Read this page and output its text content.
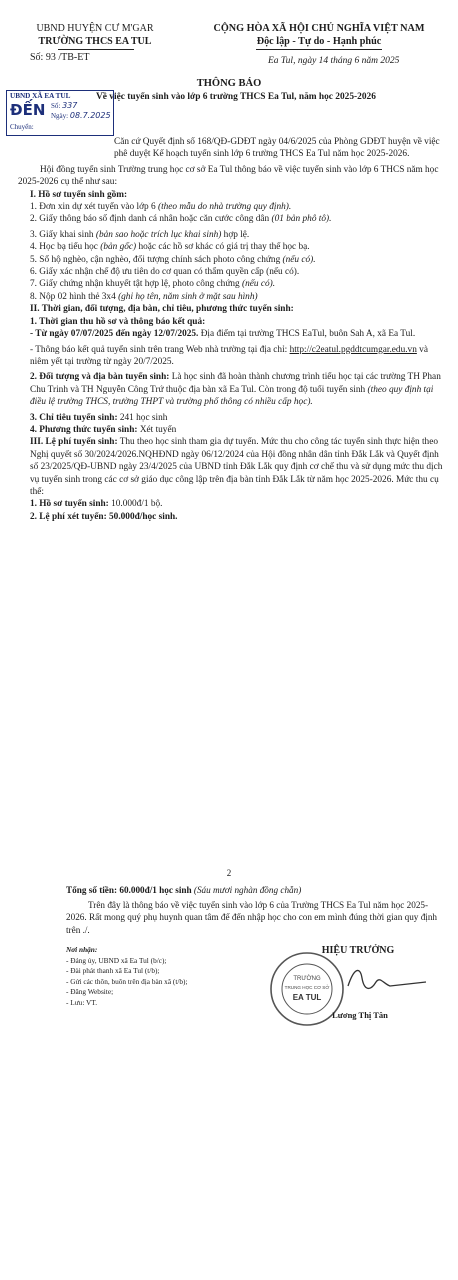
UBND HUYỆN CƯ M'GAR
TRƯỜNG THCS EA TUL
Số: 93 /TB-ET
CỘNG HÒA XÃ HỘI CHỦ NGHĨA VIỆT NAM
Độc lập - Tự do - Hạnh phúc
Ea Tul, ngày 14 tháng 6 năm 2025
THÔNG BÁO
Về việc tuyển sinh vào lớp 6 trường THCS Ea Tul, năm học 2025-2026
UBND XÃ EA TUL
ĐẾN Số: 337
Ngày: 08.7.2025
Chuyển:

Căn cứ Quyết định số 168/QĐ-GDĐT ngày 04/6/2025 của Phòng GDĐT huyện về việc phê duyệt Kế hoạch tuyển sinh lớp 6 trường THCS Ea Tul năm học 2025-2026.

Hội đồng tuyển sinh Trường trung học cơ sở Ea Tul thông báo về việc tuyển sinh vào lớp 6 THCS năm học 2025-2026 cụ thể như sau:

I. Hồ sơ tuyển sinh gồm:

1. Đơn xin dự xét tuyển vào lớp 6 (theo mẫu do nhà trường quy định).

2. Giấy thông báo số định danh cá nhân hoặc căn cước công dân (01 bản phô tô).

3. Giấy khai sinh (bản sao hoặc trích lục khai sinh) hợp lệ.

4. Học bạ tiểu học (bản gốc) hoặc các hồ sơ khác có giá trị thay thế học bạ.

5. Sổ hộ nghèo, cận nghèo, đối tượng chính sách photo công chứng (nếu có).

6. Giấy xác nhận chế độ ưu tiên do cơ quan có thẩm quyền cấp (nếu có).

7. Giấy chứng nhận khuyết tật hợp lệ, photo công chứng (nếu có).

8. Nộp 02 hình thẻ 3x4 (ghi họ tên, năm sinh ở mặt sau hình)

II. Thời gian, đối tượng, địa bàn, chỉ tiêu, phương thức tuyển sinh:

1. Thời gian thu hồ sơ và thông báo kết quả:

- Từ ngày 07/07/2025 đến ngày 12/07/2025. Địa điểm tại trường THCS EaTul, buôn Sah A, xã Ea Tul.

- Thông báo kết quả tuyển sinh trên trang Web nhà trường tại địa chỉ: http://c2eatul.pgddtcumgar.edu.vn và niêm yết tại trường từ ngày 20/7/2025.

2. Đối tượng và địa bàn tuyển sinh: Là học sinh đã hoàn thành chương trình tiểu học tại các trường TH Phan Chu Trinh và TH Nguyễn Công Trứ thuộc địa bàn xã Ea Tul. Còn trong độ tuổi tuyển sinh (theo quy định tại điều lệ trường THCS, trường THPT và trường phổ thông có nhiều cấp học).

3. Chỉ tiêu tuyển sinh: 241 học sinh

4. Phương thức tuyển sinh: Xét tuyển

III. Lệ phí tuyển sinh: Thu theo học sinh tham gia dự tuyển. Mức thu cho công tác tuyển sinh thực hiện theo Nghị quyết số 30/2024/2026.NQHĐND ngày 06/12/2024 của Hội đồng nhân dân tỉnh Đắk Lắk và Quyết định số 23/2025/QĐ-UBND ngày 23/4/2025 của UBND tỉnh Đắk Lắk quy định cơ chế thu và sử dụng mức thu dịch vụ tuyển sinh trong các cơ sở giáo dục công lập trên địa bàn tỉnh Đắk Lắk từ năm học 2025-2026. Mức thu cụ thể:

1. Hồ sơ tuyển sinh: 10.000đ/1 bộ.

2. Lệ phí xét tuyển: 50.000đ/học sinh.

2

Tổng số tiền: 60.000đ/1 học sinh (Sáu mươi nghàn đồng chẵn)

Trên đây là thông báo về việc tuyển sinh vào lớp 6 của Trường THCS Ea Tul năm học 2025-2026. Rất mong quý phụ huynh quan tâm để đến nhập học cho con em mình đúng thời gian quy định trên ./.

Nơi nhận:

- Đảng ủy, UBND xã Ea Tul (b/c);

- Đài phát thanh xã Ea Tul (t/b);

- Gửi các thôn, buôn trên địa bàn xã (t/b);

- Đăng Website;

- Lưu: VT.

HIỆU TRƯỞNG
TRƯỜNG
TRUNG HỌC CƠ SỞ
EA TUL
Lương Thị Tân
